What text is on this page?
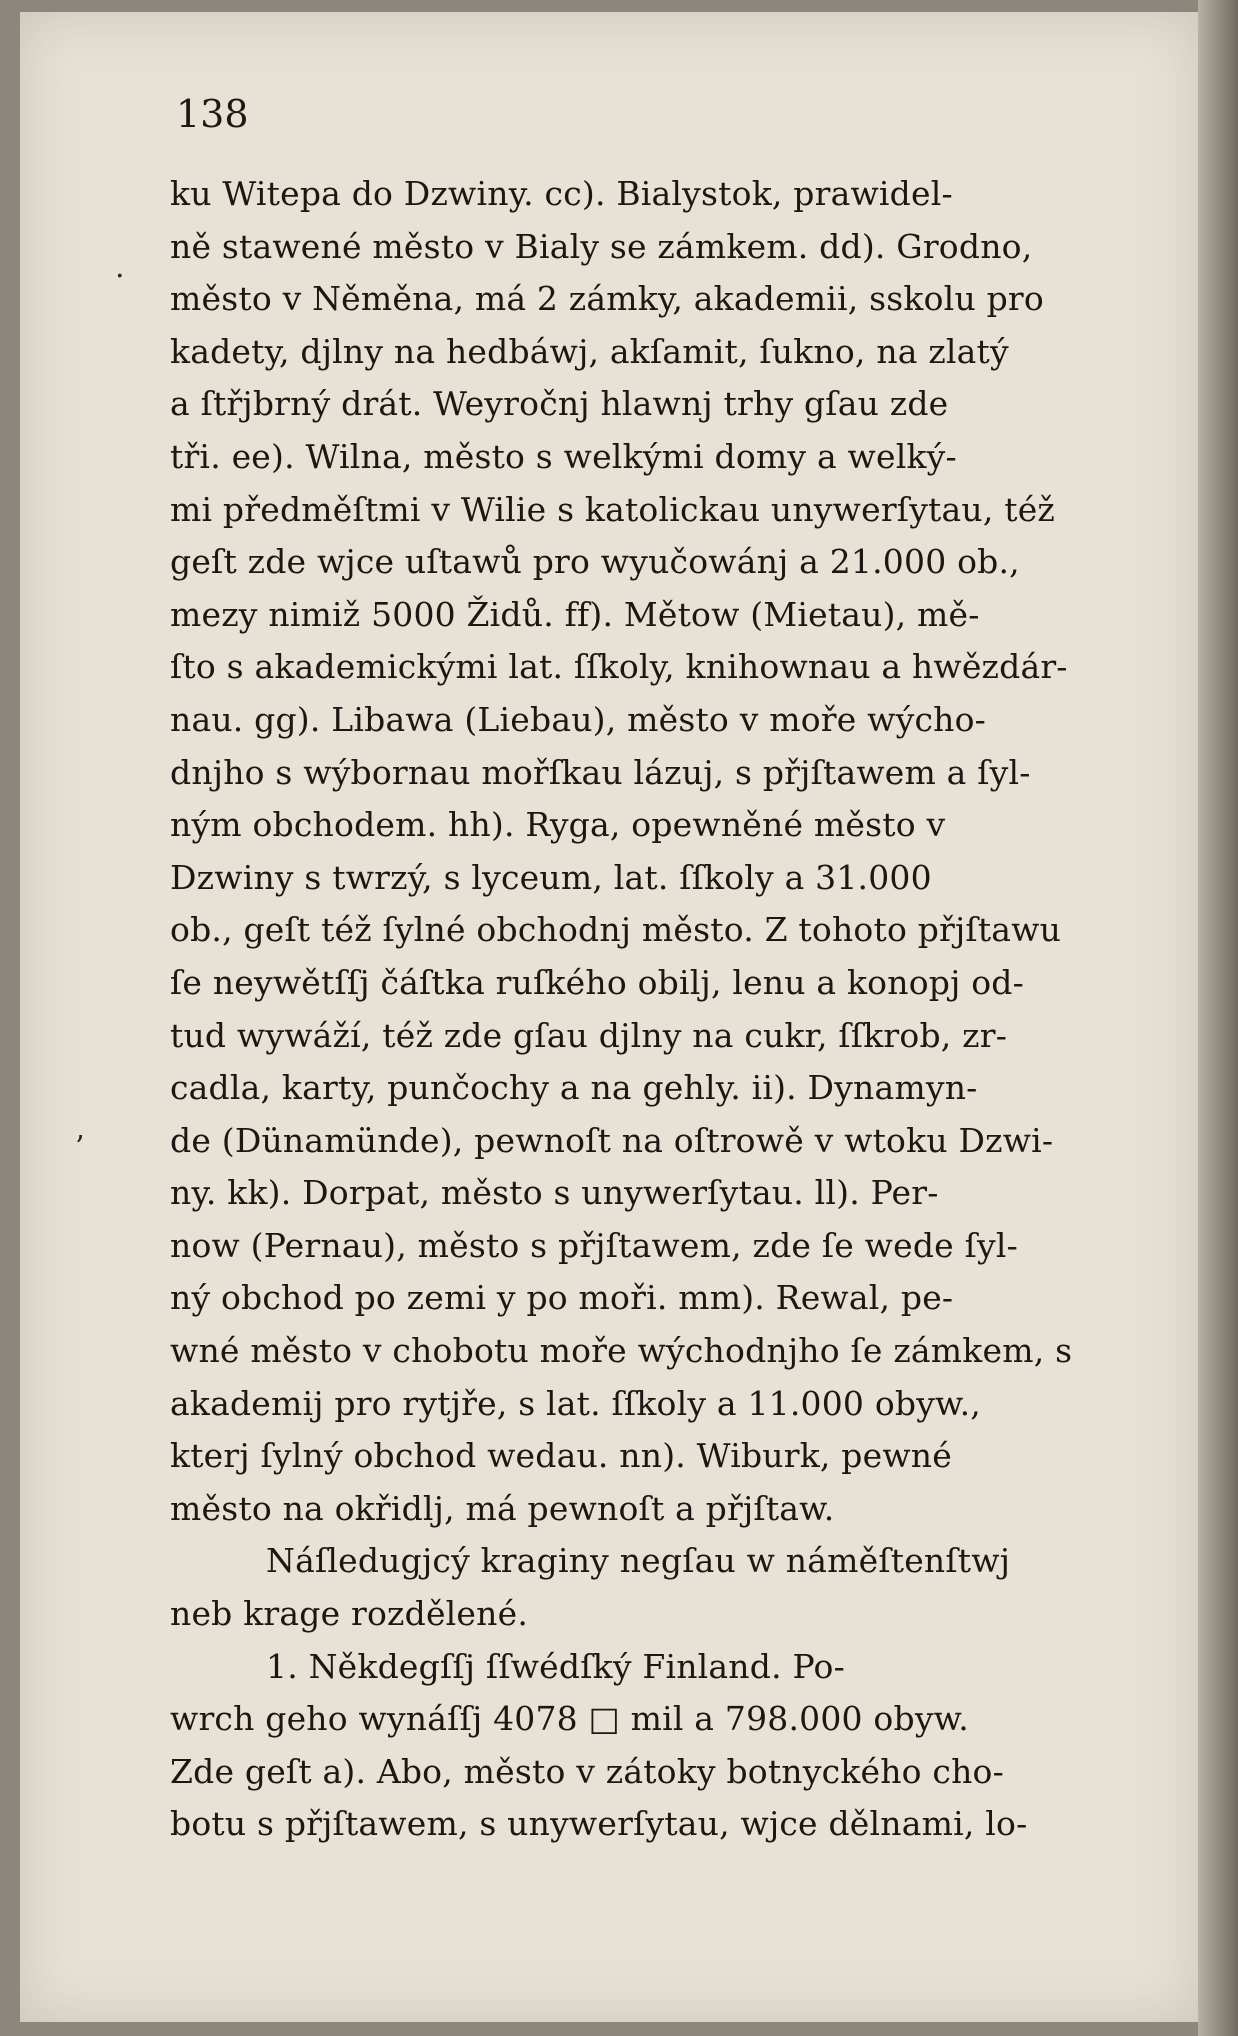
138
.
’
ku Witepa do Dzwiny. cc). Bialystok, prawidel-
ně stawené město v Bialy se zámkem. dd). Grodno,
město v Něměna, má 2 zámky, akademii, sskolu pro
kadety, djlny na hedbáwj, akſamit, ſukno, na zlatý
a ſtřjbrný drát. Weyročnj hlawnj trhy gſau zde
tři. ee). Wilna, město s welkými domy a welký-
mi předměſtmi v Wilie s katolickau unywerſytau, též
geſt zde wjce uſtawů pro wyučowánj a 21.000 ob.,
mezy nimiž 5000 Židů. ff). Mětow (Mietau), mě-
ſto s akademickými lat. ſſkoly, knihownau a hwězdár-
nau. gg). Libawa (Liebau), město v moře wýcho-
dnjho s wýbornau mořſkau lázuj, s přjſtawem a ſyl-
ným obchodem. hh). Ryga, opewněné město v
Dzwiny s twrzý, s lyceum, lat. ſſkoly a 31.000
ob., geſt též ſylné obchodnj město. Z tohoto přjſtawu
ſe neywětſſj čáſtka ruſkého obilj, lenu a konopj od-
tud wywáží, též zde gſau djlny na cukr, ſſkrob, zr-
cadla, karty, punčochy a na gehly. ii). Dynamyn-
de (Dünamünde), pewnoſt na oſtrowě v wtoku Dzwi-
ny. kk). Dorpat, město s unywerſytau. ll). Per-
now (Pernau), město s přjſtawem, zde ſe wede ſyl-
ný obchod po zemi y po moři. mm). Rewal, pe-
wné město v chobotu moře wýchodnjho ſe zámkem, s
akademij pro rytjře, s lat. ſſkoly a 11.000 obyw.,
kterj ſylný obchod wedau. nn). Wiburk, pewné
město na okřidlj, má pewnoſt a přjſtaw.
Náſledugjcý kraginy negſau w náměſtenſtwj
neb krage rozdělené.
1. Někdegſſj ſſwédſký Finland. Po-
wrch geho wynáſſj 4078 □ mil a 798.000 obyw.
Zde geſt a). Abo, město v zátoky botnyckého cho-
botu s přjſtawem, s unywerſytau, wjce dělnami, lo-
